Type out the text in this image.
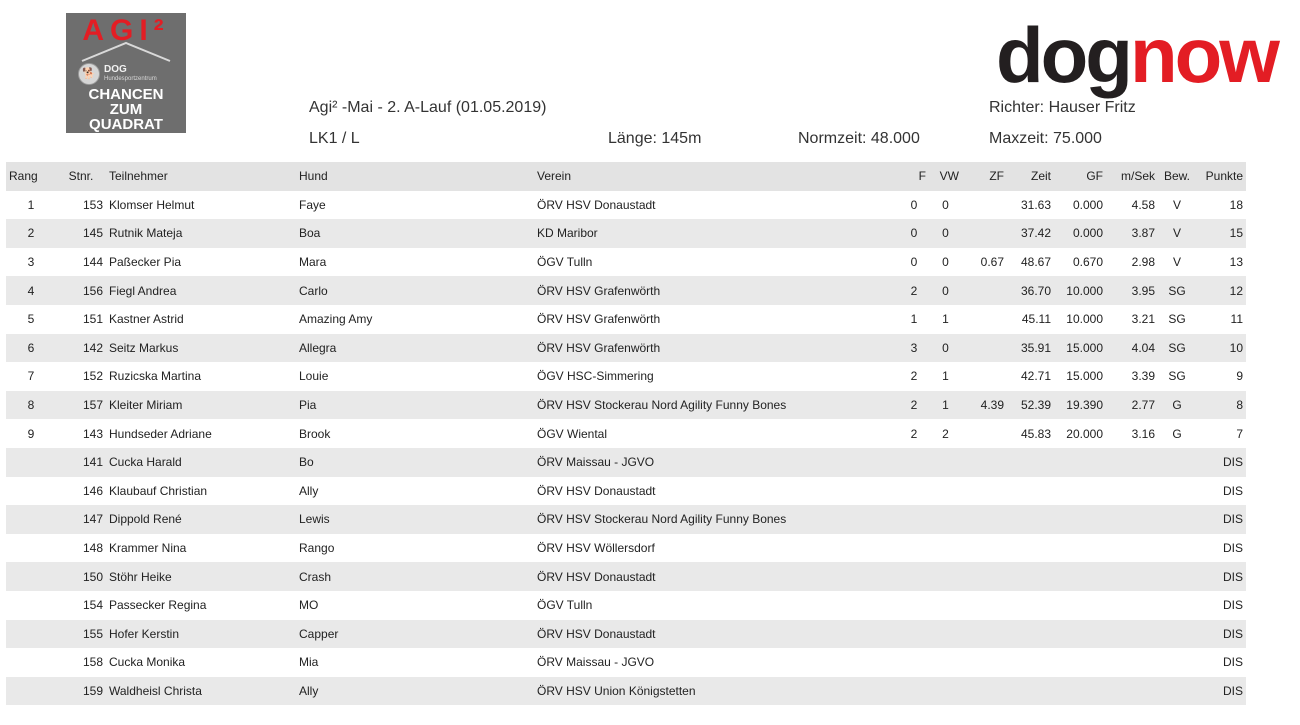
AGI²
🐕 DOG
Hundesportzentrum
CHANCEN
ZUM
QUADRAT
dognow
Agi² -Mai - 2. A-Lauf (01.05.2019)
LK1 / L	Länge: 145m	Normzeit: 48.000
Richter: Hauser Fritz
Maxzeit: 75.000
Rang	Stnr.	Teilnehmer	Hund	Verein	F	VW	ZF	Zeit	GF	m/Sek	Bew.	Punkte
1	153	Klomser Helmut	Faye	ÖRV HSV Donaustadt	0	0		31.63	0.000	4.58	V	18
2	145	Rutnik Mateja	Boa	KD Maribor	0	0		37.42	0.000	3.87	V	15
3	144	Paßecker Pia	Mara	ÖGV Tulln	0	0	0.67	48.67	0.670	2.98	V	13
4	156	Fiegl Andrea	Carlo	ÖRV HSV Grafenwörth	2	0		36.70	10.000	3.95	SG	12
5	151	Kastner Astrid	Amazing Amy	ÖRV HSV Grafenwörth	1	1		45.11	10.000	3.21	SG	11
6	142	Seitz Markus	Allegra	ÖRV HSV Grafenwörth	3	0		35.91	15.000	4.04	SG	10
7	152	Ruzicska Martina	Louie	ÖGV HSC-Simmering	2	1		42.71	15.000	3.39	SG	9
8	157	Kleiter Miriam	Pia	ÖRV HSV Stockerau Nord Agility Funny Bones	2	1	4.39	52.39	19.390	2.77	G	8
9	143	Hundseder Adriane	Brook	ÖGV Wiental	2	2		45.83	20.000	3.16	G	7
	141	Cucka Harald	Bo	ÖRV Maissau - JGVO								DIS
	146	Klaubauf Christian	Ally	ÖRV HSV Donaustadt								DIS
	147	Dippold René	Lewis	ÖRV HSV Stockerau Nord Agility Funny Bones								DIS
	148	Krammer Nina	Rango	ÖRV HSV Wöllersdorf								DIS
	150	Stöhr Heike	Crash	ÖRV HSV Donaustadt								DIS
	154	Passecker Regina	MO	ÖGV Tulln								DIS
	155	Hofer Kerstin	Capper	ÖRV HSV Donaustadt								DIS
	158	Cucka Monika	Mia	ÖRV Maissau - JGVO								DIS
	159	Waldheisl Christa	Ally	ÖRV HSV Union Königstetten								DIS
